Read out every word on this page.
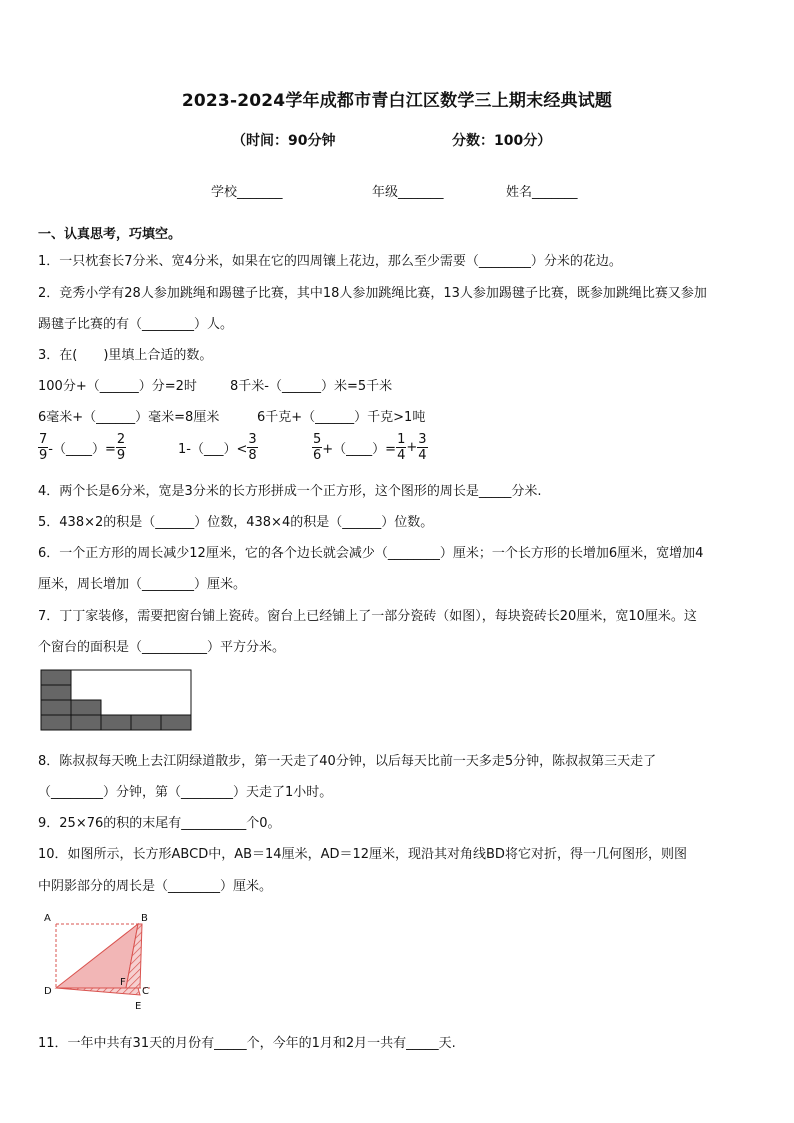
2023-2024学年成都市青白江区数学三上期末经典试题
（时间：90分钟	分数：100分）
学校_______	年级_______	姓名_______
一、认真思考，巧填空。
1．一只枕套长7分米、宽4分米，如果在它的四周镶上花边，那么至少需要（________）分米的花边。
2．竞秀小学有28人参加跳绳和踢毽子比赛，其中18人参加跳绳比赛，13人参加踢毽子比赛，既参加跳绳比赛又参加
踢毽子比赛的有（________）人。
3．在(　　)里填上合适的数。
100分+（______）分=2时	8千米-（______）米=5千米
6毫米+（______）毫米=8厘米	6千克+（______）千克>1吨
$\frac{7}{9}$ -（____）= $\frac{2}{9}$	1-（___）< $\frac{3}{8}$	$\frac{5}{6}$ +（____）= $\frac{1}{4} + \frac{3}{4}$
4．两个长是6分米，宽是3分米的长方形拼成一个正方形，这个图形的周长是_____分米.
5．438×2的积是（______）位数，438×4的积是（______）位数。
6．一个正方形的周长减少12厘米，它的各个边长就会减少（________）厘米；一个长方形的长增加6厘米，宽增加4
厘米，周长增加（________）厘米。
7．丁丁家装修，需要把窗台铺上瓷砖。窗台上已经铺上了一部分瓷砖（如图），每块瓷砖长20厘米，宽10厘米。这
个窗台的面积是（__________）平方分米。
8．陈叔叔每天晚上去江阴绿道散步，第一天走了40分钟，以后每天比前一天多走5分钟，陈叔叔第三天走了
（________）分钟，第（________）天走了1小时。
9．25×76的积的末尾有__________个0。
10．如图所示，长方形ABCD中，AB＝14厘米，AD＝12厘米，现沿其对角线BD将它对折，得一几何图形，则图
中阴影部分的周长是（________）厘米。
A	B
C
D
E
F
11．一年中共有31天的月份有_____个，今年的1月和2月一共有_____天.
